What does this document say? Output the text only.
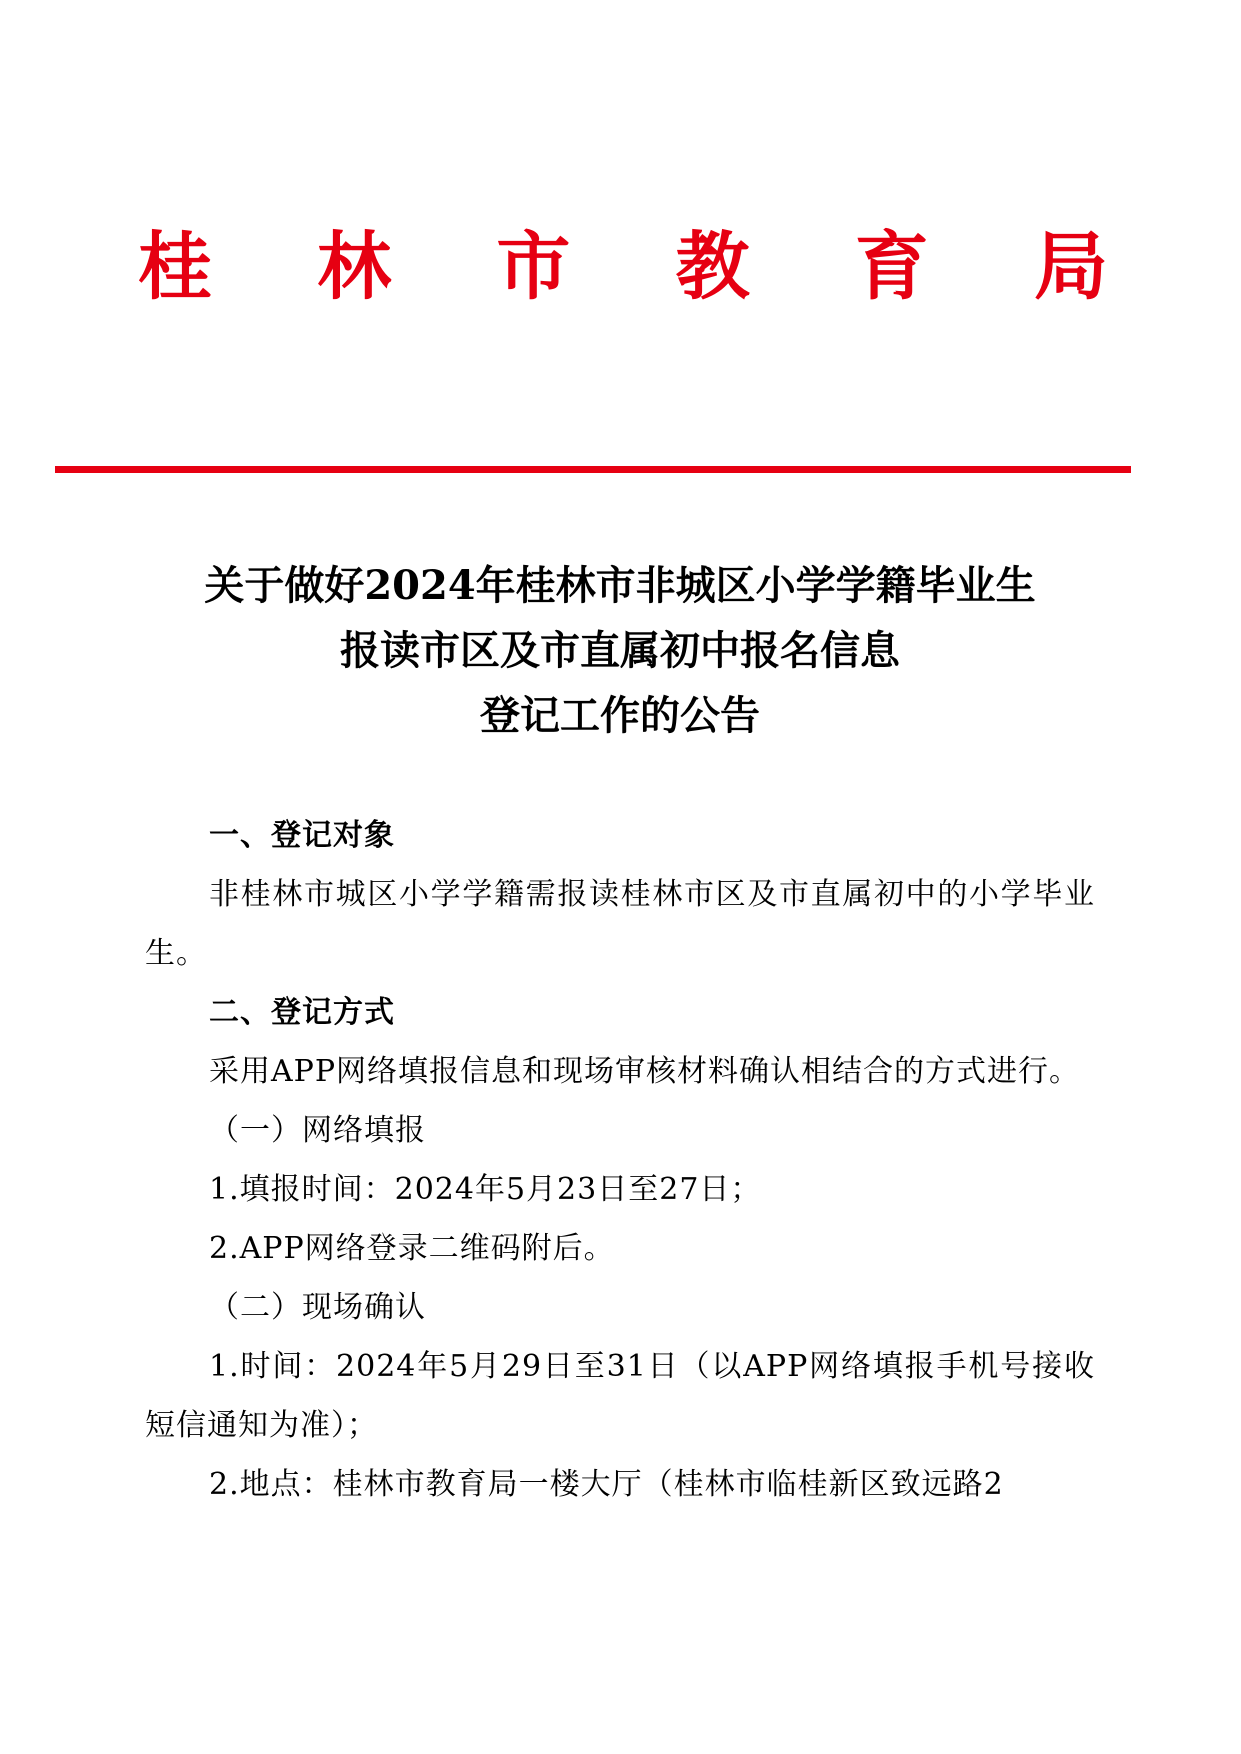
桂 林 市 教 育 局
关于做好2024年桂林市非城区小学学籍毕业生
报读市区及市直属初中报名信息
登记工作的公告

一、登记对象

非桂林市城区小学学籍需报读桂林市区及市直属初中的小学毕业生。

二、登记方式

采用APP网络填报信息和现场审核材料确认相结合的方式进行。

（一）网络填报

1.填报时间：2024年5月23日至27日；

2.APP网络登录二维码附后。

（二）现场确认

1.时间：2024年5月29日至31日（以APP网络填报手机号接收短信通知为准）；

2.地点：桂林市教育局一楼大厅（桂林市临桂新区致远路2
